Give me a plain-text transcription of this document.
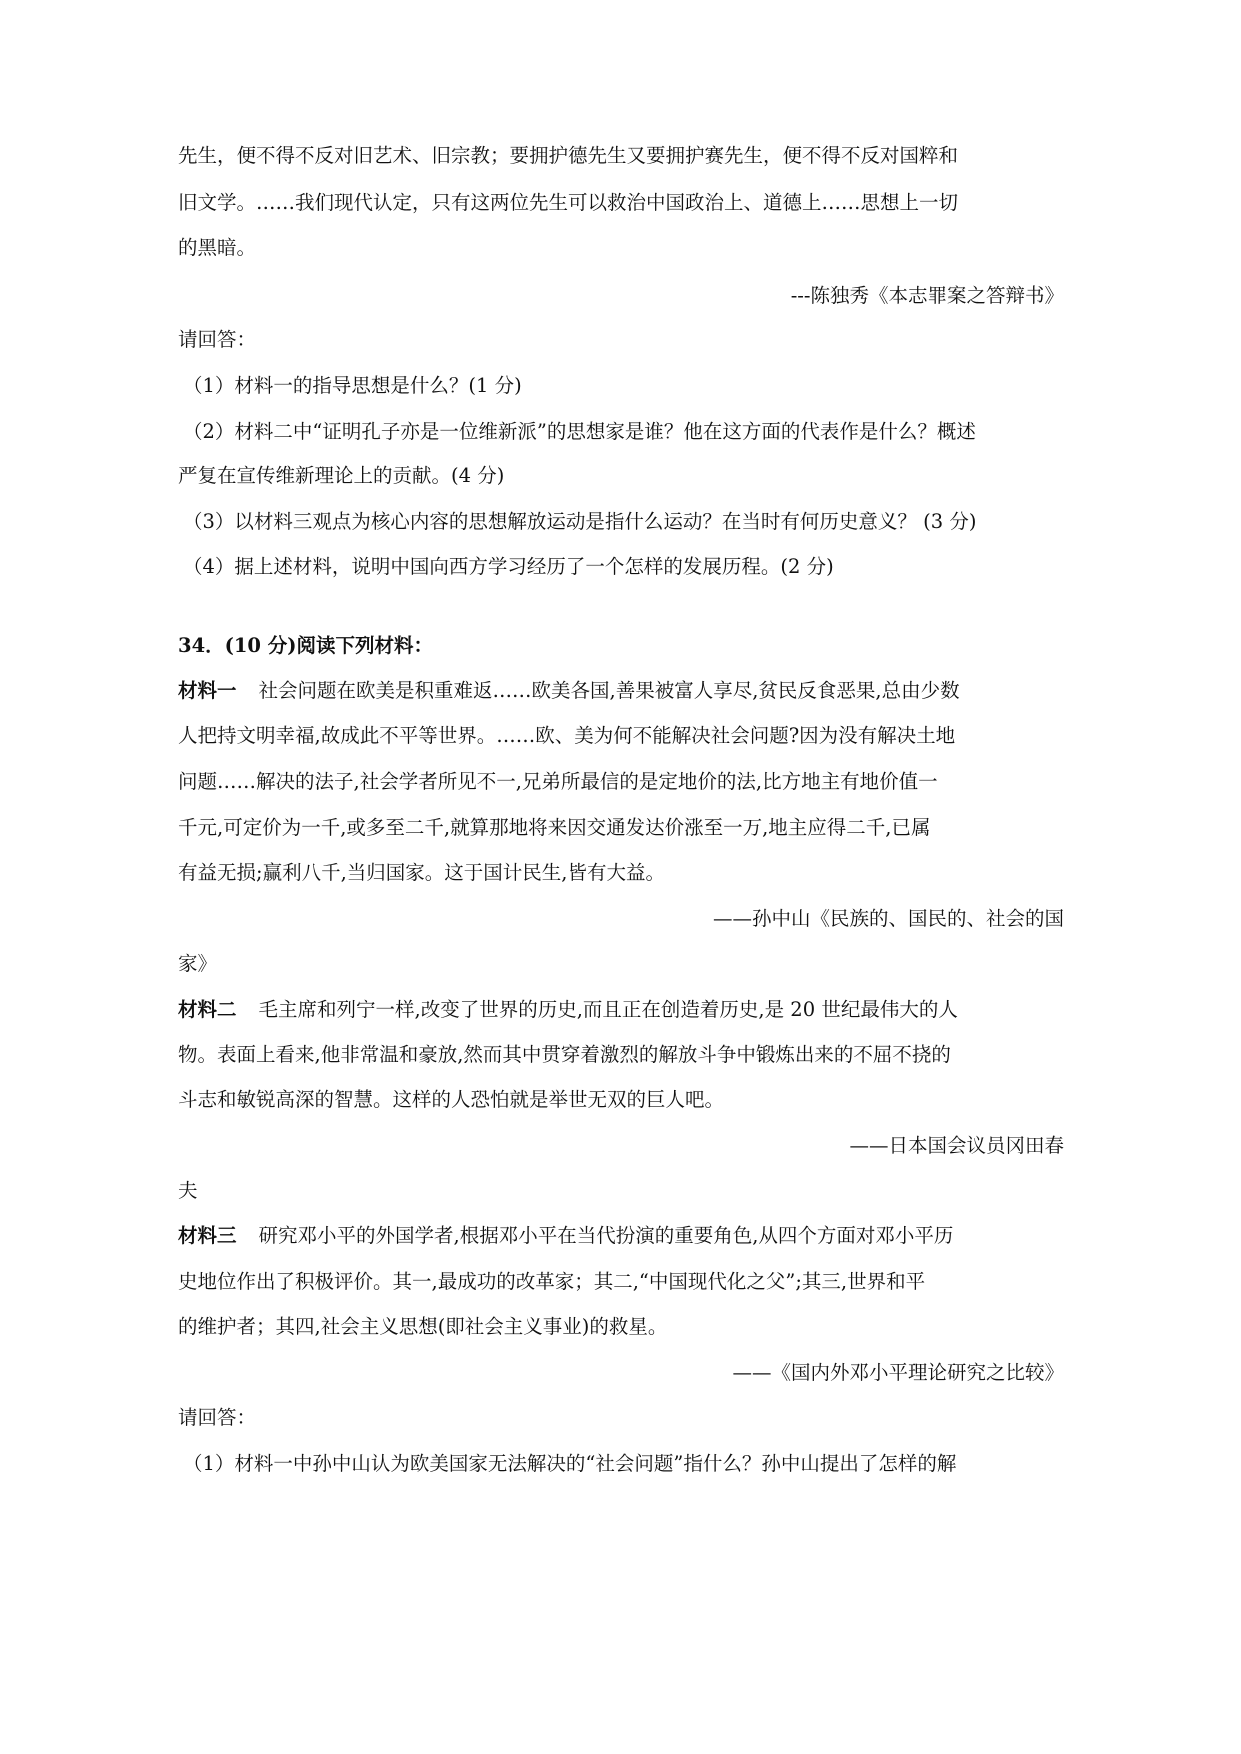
先生，便不得不反对旧艺术、旧宗教；要拥护德先生又要拥护赛先生，便不得不反对国粹和
旧文学。……我们现代认定，只有这两位先生可以救治中国政治上、道德上……思想上一切
的黑暗。
---陈独秀《本志罪案之答辩书》
请回答：
（1）材料一的指导思想是什么？(1 分)
（2）材料二中“证明孔子亦是一位维新派”的思想家是谁？他在这方面的代表作是什么？概述
严复在宣传维新理论上的贡献。(4 分)
（3）以材料三观点为核心内容的思想解放运动是指什么运动？在当时有何历史意义？ (3 分)
（4）据上述材料，说明中国向西方学习经历了一个怎样的发展历程。(2 分)
34．(10 分)阅读下列材料：
材料一 社会问题在欧美是积重难返……欧美各国,善果被富人享尽,贫民反食恶果,总由少数
人把持文明幸福,故成此不平等世界。……欧、美为何不能解决社会问题?因为没有解决土地
问题……解决的法子,社会学者所见不一,兄弟所最信的是定地价的法,比方地主有地价值一
千元,可定价为一千,或多至二千,就算那地将来因交通发达价涨至一万,地主应得二千,已属
有益无损;赢利八千,当归国家。这于国计民生,皆有大益。
——孙中山《民族的、国民的、社会的国
家》
材料二 毛主席和列宁一样,改变了世界的历史,而且正在创造着历史,是 20 世纪最伟大的人
物。表面上看来,他非常温和豪放,然而其中贯穿着激烈的解放斗争中锻炼出来的不屈不挠的
斗志和敏锐高深的智慧。这样的人恐怕就是举世无双的巨人吧。
——日本国会议员冈田春
夫
材料三 研究邓小平的外国学者,根据邓小平在当代扮演的重要角色,从四个方面对邓小平历
史地位作出了积极评价。其一,最成功的改革家；其二,“中国现代化之父”;其三,世界和平
的维护者；其四,社会主义思想(即社会主义事业)的救星。
——《国内外邓小平理论研究之比较》
请回答：
（1）材料一中孙中山认为欧美国家无法解决的“社会问题”指什么？孙中山提出了怎样的解
